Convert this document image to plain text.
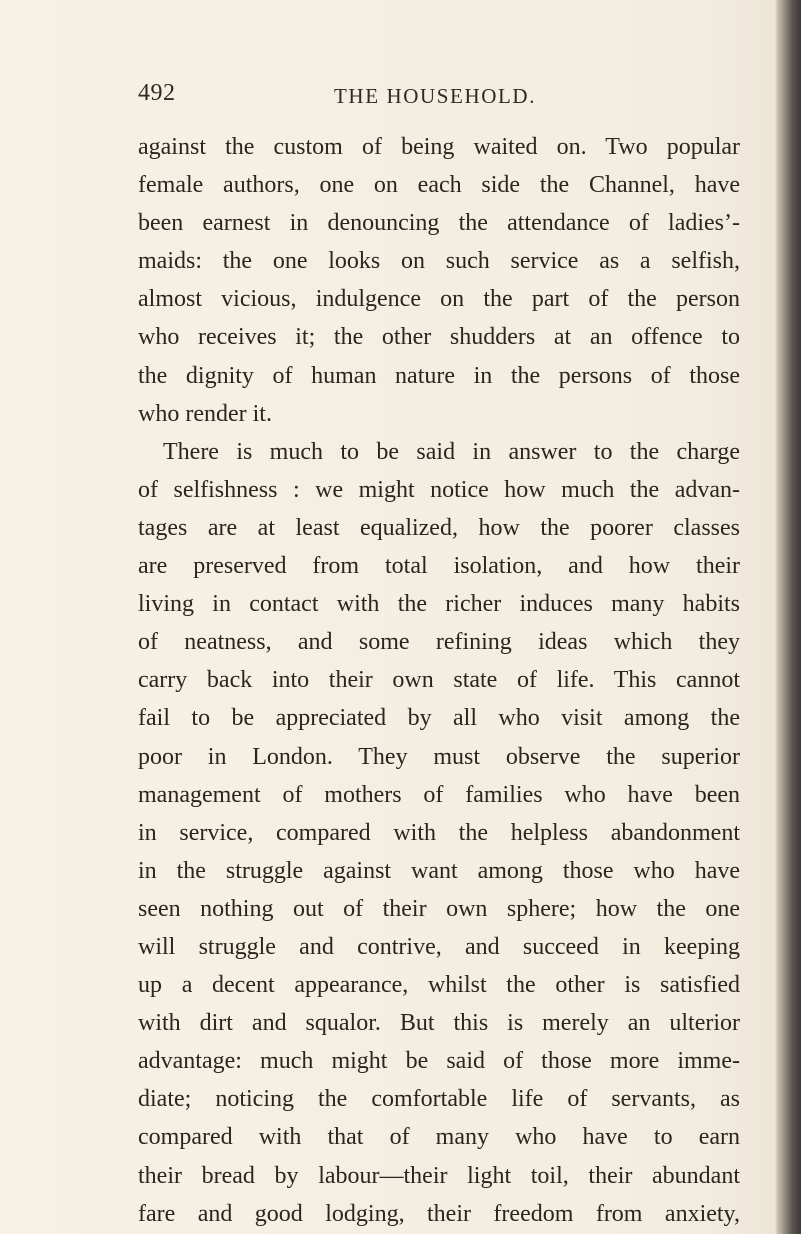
492	THE HOUSEHOLD.
against the custom of being waited on. Two popular
female authors, one on each side the Channel, have
been earnest in denouncing the attendance of ladies’-
maids: the one looks on such service as a selfish,
almost vicious, indulgence on the part of the person
who receives it; the other shudders at an offence to
the dignity of human nature in the persons of those
who render it.
There is much to be said in answer to the charge
of selfishness : we might notice how much the advan-
tages are at least equalized, how the poorer classes
are preserved from total isolation, and how their
living in contact with the richer induces many habits
of neatness, and some refining ideas which they
carry back into their own state of life. This cannot
fail to be appreciated by all who visit among the
poor in London. They must observe the superior
management of mothers of families who have been
in service, compared with the helpless abandonment
in the struggle against want among those who have
seen nothing out of their own sphere; how the one
will struggle and contrive, and succeed in keeping
up a decent appearance, whilst the other is satisfied
with dirt and squalor. But this is merely an ulterior
advantage: much might be said of those more imme-
diate; noticing the comfortable life of servants, as
compared with that of many who have to earn
their bread by labour—their light toil, their abundant
fare and good lodging, their freedom from anxiety,
